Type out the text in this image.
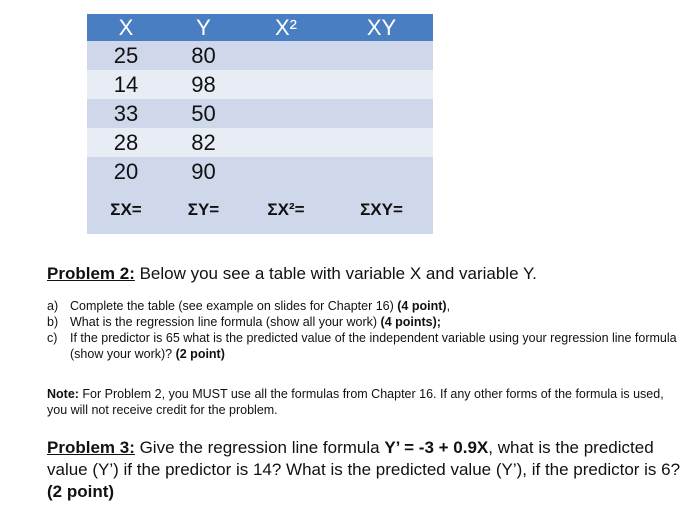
X	Y	X²	XY
25	80		
14	98		
33	50		
28	82		
20	90		
ΣX=	ΣY=	ΣX²=	ΣXY=

Problem 2: Below you see a table with variable X and variable Y.

a) Complete the table (see example on slides for Chapter 16) (4 point),
b) What is the regression line formula (show all your work) (4 points);
c) If the predictor is 65 what is the predicted value of the independent variable using your regression line formula (show your work)? (2 point)

Note: For Problem 2, you MUST use all the formulas from Chapter 16. If any other forms of the formula is used, you will not receive credit for the problem.

Problem 3: Give the regression line formula Y’ = -3 + 0.9X, what is the predicted value (Y’) if the predictor is 14? What is the predicted value (Y’), if the predictor is 6? (2 point)
